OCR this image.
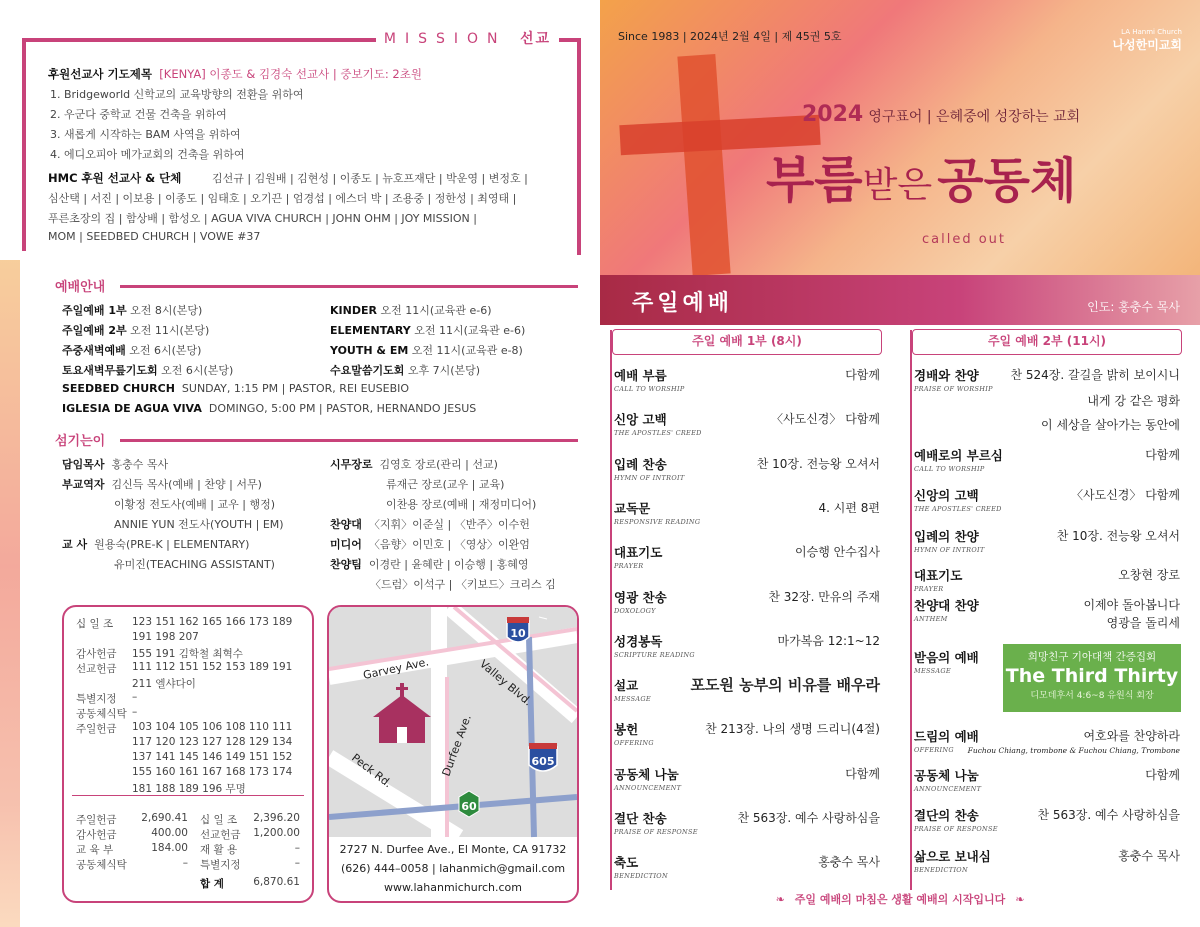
MISSION 선교
후원선교사 기도제목 [KENYA] 이종도 & 김경숙 선교사 | 중보기도: 2초원
1. Bridgeworld 신학교의 교육방향의 전환을 위하여
2. 우군다 중학교 건물 건축을 위하여
3. 새롭게 시작하는 BAM 사역을 위하여
4. 에디오피아 메가교회의 건축을 위하여
HMC 후원 선교사 & 단체	김선규 | 김원배 | 김현성 | 이종도 | 뉴호프재단 | 박운영 | 변정호 |
심산택 | 서진 | 이보용 | 이종도 | 임태호 | 오기끈 | 엄경섭 | 에스더 박 | 조용중 | 정한성 | 최영태 |
푸른초장의 집 | 함상배 | 함성오 | AGUA VIVA CHURCH | JOHN OHM | JOY MISSION |
MOM | SEEDBED CHURCH | VOWE #37
예배안내
주일예배 1부 오전 8시(본당)
주일예배 2부 오전 11시(본당)
주중새벽예배 오전 6시(본당)
토요새벽무릎기도회 오전 6시(본당)
KINDER 오전 11시(교육관 e-6)
ELEMENTARY 오전 11시(교육관 e-6)
YOUTH & EM 오전 11시(교육관 e-8)
수요말씀기도회 오후 7시(본당)
SEEDBED CHURCH SUNDAY, 1:15 PM | PASTOR, REI EUSEBIO
IGLESIA DE AGUA VIVA DOMINGO, 5:00 PM | PASTOR, HERNANDO JESUS
섬기는이
담임목사 홍충수 목사
부교역자 김신득 목사(예배 | 찬양 | 서무)
이황정 전도사(예배 | 교우 | 행정)
ANNIE YUN 전도사(YOUTH | EM)
교 사 원용숙(PRE-K | ELEMENTARY)
유미진(TEACHING ASSISTANT)
시무장로 김영호 장로(관리 | 선교)
류재근 장로(교우 | 교육)
이찬용 장로(예배 | 재정미디어)
찬양대 〈지휘〉이준실 | 〈반주〉이수헌
미디어 〈음향〉이민호 | 〈영상〉이완엄
찬양팀 이경란 | 윤혜란 | 이승행 | 홍혜영
〈드럼〉이석구 | 〈키보드〉크리스 김
십 일 조 123 151 162 165 166 173 189
191 198 207
감사헌금 155 191 김학철 최혁수
선교헌금 111 112 151 152 153 189 191
211 엘샤다이
특별지정 –
공동체식탁 –
주일헌금 103 104 105 106 108 110 111
117 120 123 127 128 129 134
137 141 145 146 149 151 152
155 160 161 167 168 173 174
181 188 189 196 무명
주일헌금 2,690.41
감사헌금	400.00
교 육 부	184.00
공동체식탁	–
십 일 조 2,396.20
선교헌금 1,200.00
재 활 용	–
특별지정	–
합 계	6,870.61
10
605
60
Garvey Ave.	Valley Blvd.
Durfee Ave.
Peck Rd.
2727 N. Durfee Ave., El Monte, CA 91732
(626) 444–0058 | lahanmich@gmail.com
www.lahanmichurch.com
Since 1983 | 2024년 2월 4일 | 제 45권 5호	LA Hanmi Church
나성한미교회
2024 영구표어 | 은혜중에 성장하는 교회
부름받은 공동체
called out
주일예배	인도: 홍충수 목사
주일 예배 1부 (8시)	주일 예배 2부 (11시)
예배 부름
CALL TO WORSHIP
다함께
신앙 고백
THE APOSTLES' CREED
〈사도신경〉 다함께
입례 찬송
HYMN OF INTROIT
찬 10장. 전능왕 오셔서
교독문
RESPONSIVE READING
4. 시편 8편
대표기도
PRAYER
이승행 안수집사
영광 찬송
DOXOLOGY
찬 32장. 만유의 주재
성경봉독
SCRIPTURE READING
마가복음 12:1~12
설교
MESSAGE
포도원 농부의 비유를 배우라
봉헌
OFFERING
찬 213장. 나의 생명 드리니(4절)
공동체 나눔
ANNOUNCEMENT
다함께
결단 찬송
PRAISE OF RESPONSE
찬 563장. 예수 사랑하심을
축도
BENEDICTION
홍충수 목사
경배와 찬양
PRAISE OF WORSHIP
찬 524장. 갈길을 밝히 보이시니
내게 강 같은 평화
이 세상을 살아가는 동안에
예배로의 부르심
CALL TO WORSHIP
다함께
신앙의 고백
THE APOSTLES' CREED
〈사도신경〉 다함께
입례의 찬양
HYMN OF INTROIT
찬 10장. 전능왕 오셔서
대표기도
PRAYER
오창현 장로
찬양대 찬양
ANTHEM
이제야 돌아봅니다
영광을 돌리세
받음의 예배
MESSAGE
드림의 예배
OFFERING
여호와를 찬양하라
Fuchou Chiang, trombone & Fuchou Chiang, Trombone
공동체 나눔
ANNOUNCEMENT
다함께
결단의 찬송
PRAISE OF RESPONSE
찬 563장. 예수 사랑하심을
삶으로 보내심
BENEDICTION
홍충수 목사
희망친구 기아대책 간증집회
The Third Thirty
디모데후서 4:6~8 유원식 회장
❧ 주일 예배의 마침은 생활 예배의 시작입니다 ❧
